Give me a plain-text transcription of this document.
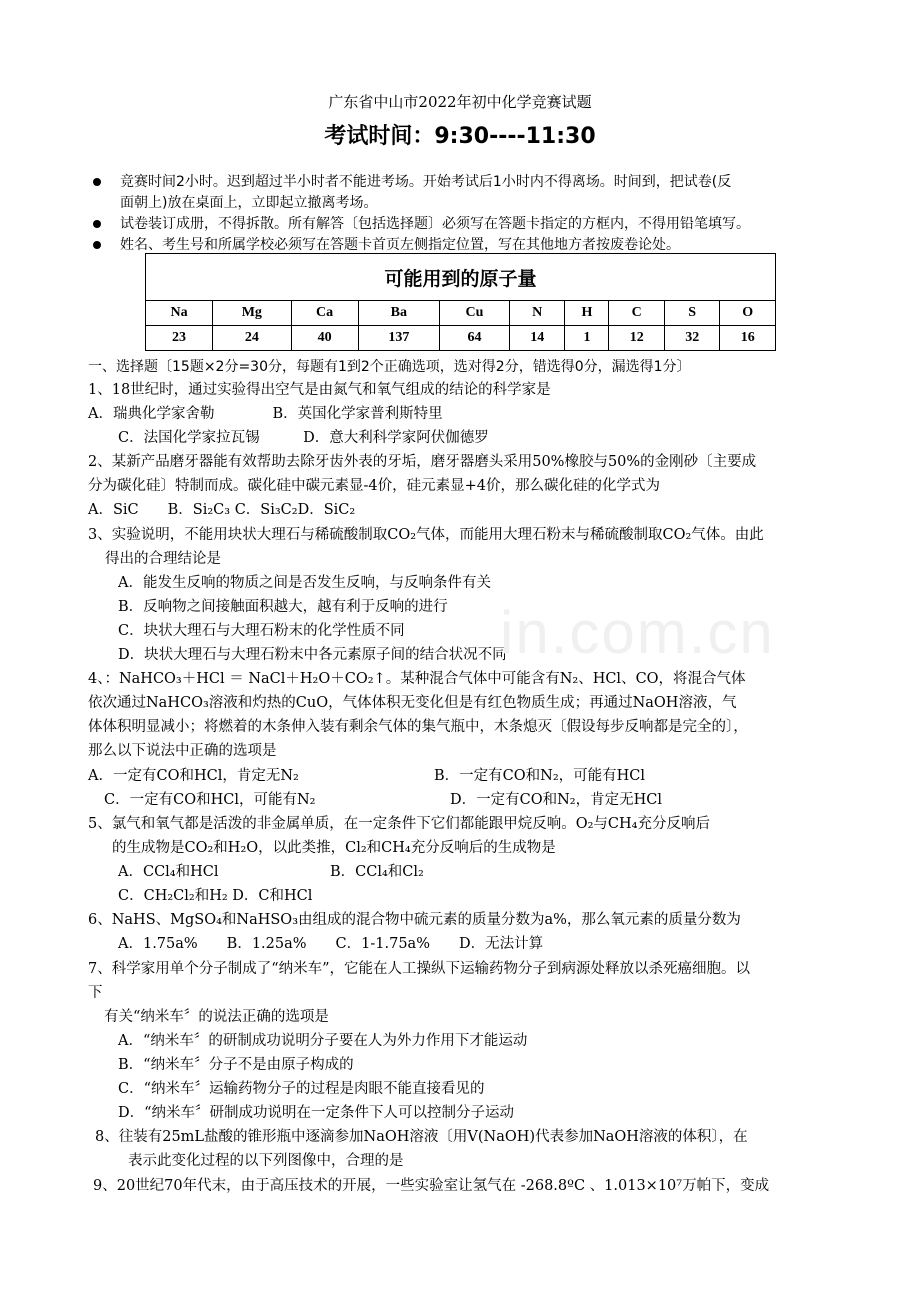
广东省中山市2022年初中化学竞赛试题
考试时间：9:30----11:30
竞赛时间2小时。迟到超过半小时者不能进考场。开始考试后1小时内不得离场。时间到，把试卷(反
面朝上)放在桌面上，立即起立撤离考场。
试卷装订成册，不得拆散。所有解答〔包括选择题〕必须写在答题卡指定的方框内，不得用铅笔填写。
姓名、考生号和所属学校必须写在答题卡首页左侧指定位置，写在其他地方者按废卷论处。
可能用到的原子量									
Na	Mg	Ca	Ba	Cu	N	H	C	S	O
23	24	40	137	64	14	1	12	32	16
一、选择题〔15题×2分=30分，每题有1到2个正确选项，选对得2分，错选得0分，漏选得1分〕
1、18世纪时，通过实验得出空气是由氮气和氧气组成的结论的科学家是
A．瑞典化学家舍勒　　　　B．英国化学家普利斯特里
C．法国化学家拉瓦锡　　　D．意大利科学家阿伏伽德罗
2、某新产品磨牙器能有效帮助去除牙齿外表的牙垢，磨牙器磨头采用50%橡胶与50%的金刚砂〔主要成
分为碳化硅〕特制而成。碳化硅中碳元素显-4价，硅元素显+4价，那么碳化硅的化学式为
A．SiC　　B．Si₂C₃ C．Si₃C₂D．SiC₂
3、实验说明，不能用块状大理石与稀硫酸制取CO₂气体，而能用大理石粉末与稀硫酸制取CO₂气体。由此
得出的合理结论是
A．能发生反响的物质之间是否发生反响，与反响条件有关
B．反响物之间接触面积越大，越有利于反响的进行
C．块状大理石与大理石粉末的化学性质不同
D．块状大理石与大理石粉末中各元素原子间的结合状况不同
4、：NaHCO₃＋HCl ＝ NaCl＋H₂O＋CO₂↑。某种混合气体中可能含有N₂、HCl、CO，将混合气体
依次通过NaHCO₃溶液和灼热的CuO，气体体积无变化但是有红色物质生成；再通过NaOH溶液，气
体体积明显减小；将燃着的木条伸入装有剩余气体的集气瓶中，木条熄灭〔假设每步反响都是完全的〕，
那么以下说法中正确的选项是
A．一定有CO和HCl，肯定无N₂	B．一定有CO和N₂，可能有HCl
C．一定有CO和HCl，可能有N₂	D．一定有CO和N₂，肯定无HCl
5、氯气和氧气都是活泼的非金属单质，在一定条件下它们都能跟甲烷反响。O₂与CH₄充分反响后
的生成物是CO₂和H₂O，以此类推，Cl₂和CH₄充分反响后的生成物是
A．CCl₄和HCl	B．CCl₄和Cl₂
C．CH₂Cl₂和H₂ D．C和HCl
6、NaHS、MgSO₄和NaHSO₃由组成的混合物中硫元素的质量分数为a%，那么氧元素的质量分数为
A．1.75a%　　B．1.25a%　　C．1-1.75a%　　D．无法计算
7、科学家用单个分子制成了“纳米车”，它能在人工操纵下运输药物分子到病源处释放以杀死癌细胞。以
下
有关“纳米车〞的说法正确的选项是
A．“纳米车〞的研制成功说明分子要在人为外力作用下才能运动
B．“纳米车〞分子不是由原子构成的
C．“纳米车〞运输药物分子的过程是肉眼不能直接看见的
D．“纳米车〞研制成功说明在一定条件下人可以控制分子运动
8、往装有25mL盐酸的锥形瓶中逐滴参加NaOH溶液〔用V(NaOH)代表参加NaOH溶液的体积〕，在
表示此变化过程的以下列图像中，合理的是
9、20世纪70年代末，由于高压技术的开展，一些实验室让氢气在 -268.8ºC 、1.013×10⁷万帕下，变成
in.com.cn
